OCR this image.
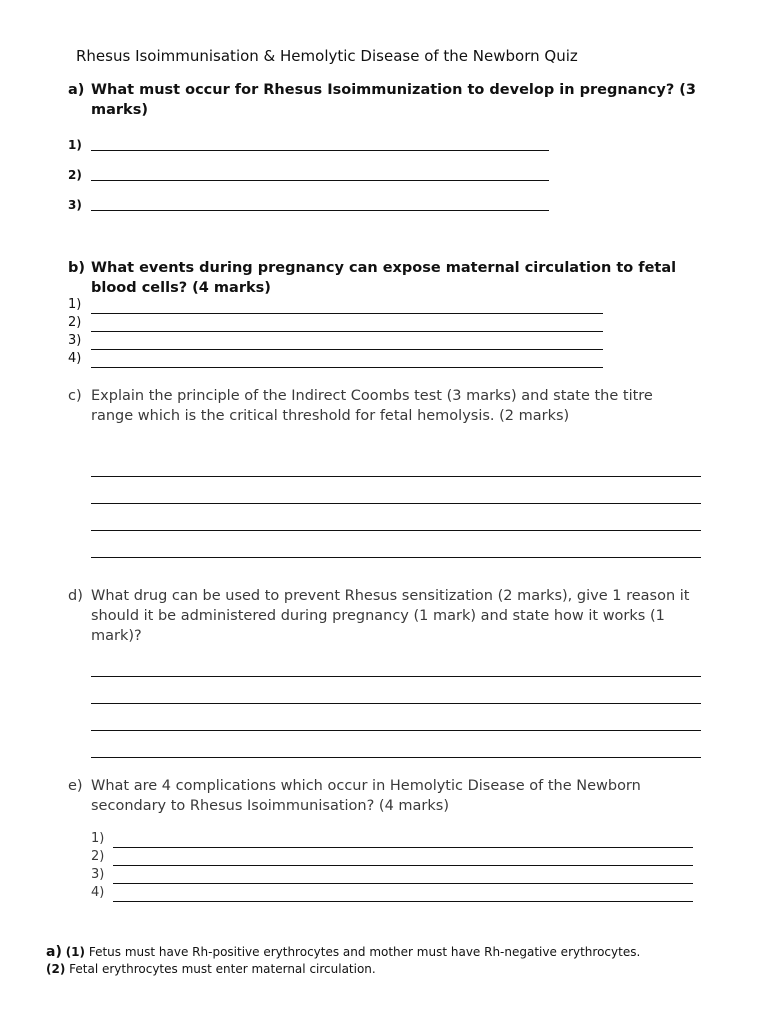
Rhesus Isoimmunisation & Hemolytic Disease of the Newborn Quiz
a) What must occur for Rhesus Isoimmunization to develop in pregnancy? (3 marks)
1)
2)
3)
b) What events during pregnancy can expose maternal circulation to fetal blood cells? (4 marks)
1)
2)
3)
4)
c) Explain the principle of the Indirect Coombs test (3 marks) and state the titre range which is the critical threshold for fetal hemolysis. (2 marks)
d) What drug can be used to prevent Rhesus sensitization (2 marks), give 1 reason it should it be administered during pregnancy (1 mark) and state how it works (1 mark)?
e) What are 4 complications which occur in Hemolytic Disease of the Newborn secondary to Rhesus Isoimmunisation? (4 marks)
1)
2)
3)
4)
a) (1) Fetus must have Rh-positive erythrocytes and mother must have Rh-negative erythrocytes.
(2) Fetal erythrocytes must enter maternal circulation.
